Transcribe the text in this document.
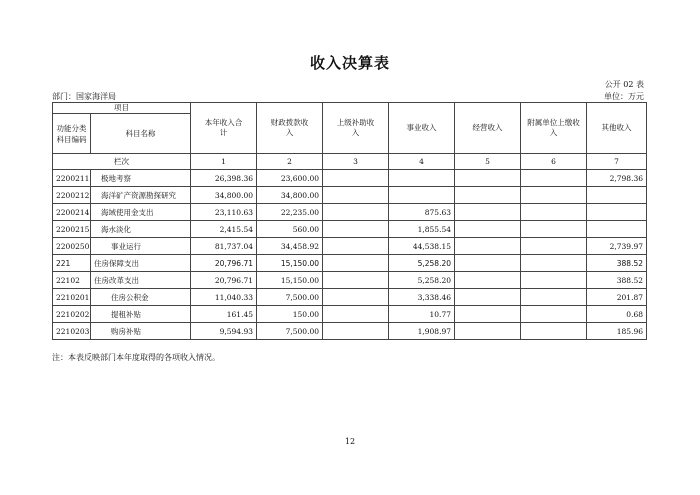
收入决算表
公开 02 表
部门：国家海洋局	单位：万元
项目		本年收入合计	财政拨款收入	上级补助收入	事业收入	经营收入	附属单位上缴收入	其他收入
功能分类科目编码	科目名称							
栏次		1	2	3	4	5	6	7
2200211	极地考察	26,398.36	23,600.00					2,798.36
2200212	海洋矿产资源勘探研究	34,800.00	34,800.00					
2200214	海域使用金支出	23,110.63	22,235.00		875.63			
2200215	海水淡化	2,415.54	560.00		1,855.54			
2200250	事业运行	81,737.04	34,458.92		44,538.15			2,739.97
221	住房保障支出	20,796.71	15,150.00		5,258.20			388.52
22102	住房改革支出	20,796.71	15,150.00		5,258.20			388.52
2210201	住房公积金	11,040.33	7,500.00		3,338.46			201.87
2210202	提租补贴	161.45	150.00		10.77			0.68
2210203	购房补贴	9,594.93	7,500.00		1,908.97			185.96
注：本表反映部门本年度取得的各项收入情况。
12
